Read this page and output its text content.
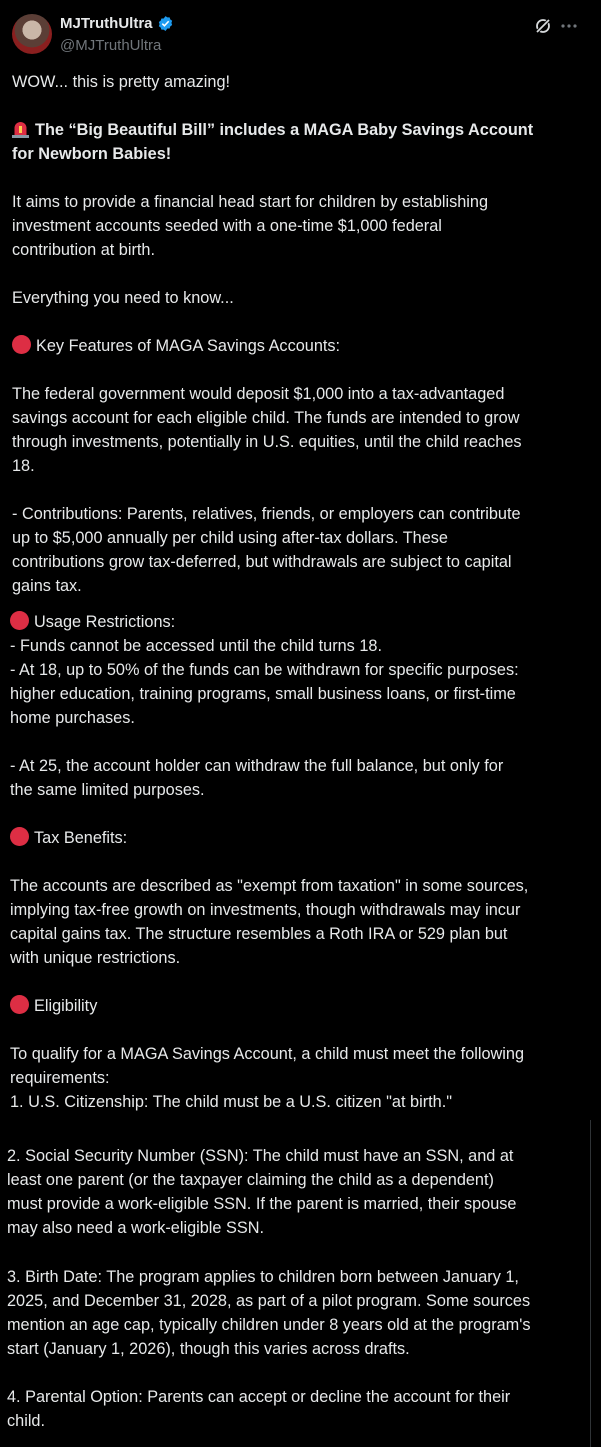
MJTruthUltra
@MJTruthUltra
WOW... this is pretty amazing!
The “Big Beautiful Bill” includes a MAGA Baby Savings Account
for Newborn Babies!
It aims to provide a financial head start for children by establishing
investment accounts seeded with a one-time $1,000 federal
contribution at birth.
Everything you need to know...
Key Features of MAGA Savings Accounts:
The federal government would deposit $1,000 into a tax-advantaged
savings account for each eligible child. The funds are intended to grow
through investments, potentially in U.S. equities, until the child reaches
18.
- Contributions: Parents, relatives, friends, or employers can contribute
up to $5,000 annually per child using after-tax dollars. These
contributions grow tax-deferred, but withdrawals are subject to capital
gains tax.
Usage Restrictions:
- Funds cannot be accessed until the child turns 18.
- At 18, up to 50% of the funds can be withdrawn for specific purposes:
higher education, training programs, small business loans, or first-time
home purchases.
- At 25, the account holder can withdraw the full balance, but only for
the same limited purposes.
Tax Benefits:
The accounts are described as "exempt from taxation" in some sources,
implying tax-free growth on investments, though withdrawals may incur
capital gains tax. The structure resembles a Roth IRA or 529 plan but
with unique restrictions.
Eligibility
To qualify for a MAGA Savings Account, a child must meet the following
requirements:
1. U.S. Citizenship: The child must be a U.S. citizen "at birth."
2. Social Security Number (SSN): The child must have an SSN, and at
least one parent (or the taxpayer claiming the child as a dependent)
must provide a work-eligible SSN. If the parent is married, their spouse
may also need a work-eligible SSN.
3. Birth Date: The program applies to children born between January 1,
2025, and December 31, 2028, as part of a pilot program. Some sources
mention an age cap, typically children under 8 years old at the program's
start (January 1, 2026), though this varies across drafts.
4. Parental Option: Parents can accept or decline the account for their
child.
